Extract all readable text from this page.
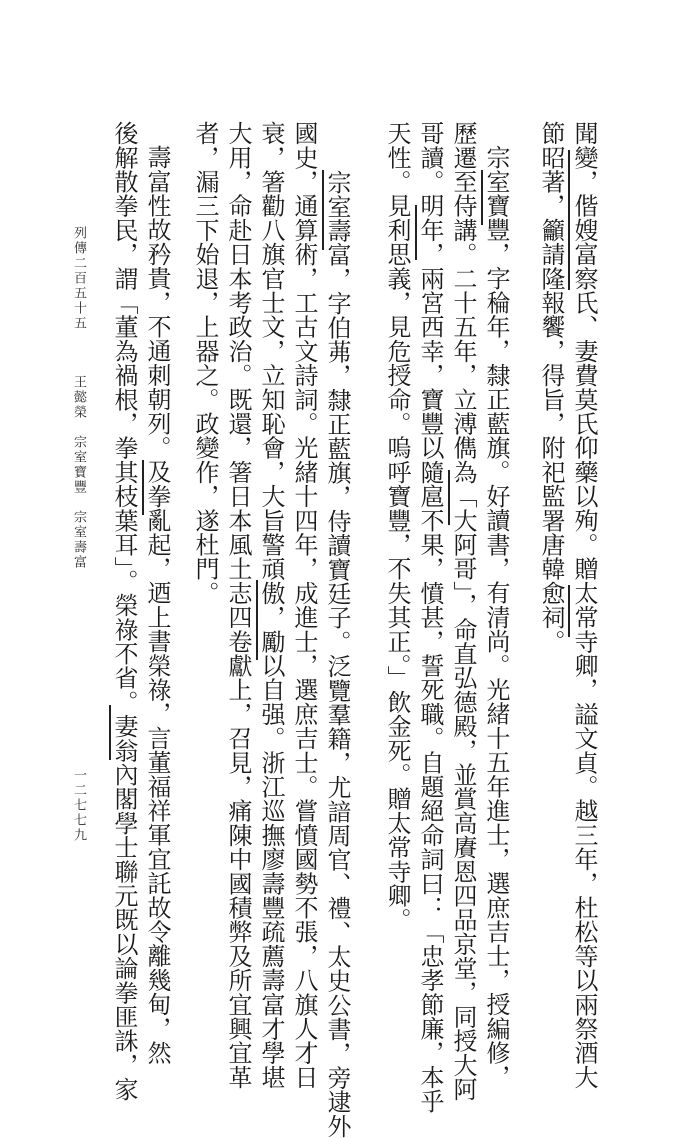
聞變，偕嫂富察氏、妻費莫氏仰藥以殉。贈太常寺卿，謚文貞。越三年，杜松等以兩祭酒大
節昭著，籲請隆報饗，得旨，附祀監署唐韓愈祠。
宗室寶豐，字稐年，隸正藍旗。好讀書，有清尚。光緒十五年進士，選庶吉士，授編修，
歷遷至侍講。二十五年，立溥儁為「大阿哥」，命直弘德殿，並賞高賡恩四品京堂，同授大阿
哥讀。明年，兩宮西幸，寶豐以隨扈不果，憤甚，誓死職。自題絕命詞曰：「忠孝節廉，本乎
天性。見利思義，見危授命。嗚呼寶豐，不失其正。」飲金死。贈太常寺卿。
宗室壽富，字伯茀，隸正藍旗，侍讀寶廷子。泛覽羣籍，尤諳周官、禮、太史公書，旁逮外
國史，通算術，工古文詩詞。光緒十四年，成進士，選庶吉士。嘗憤國勢不張，八旗人才日
衰，箸勸八旗官士文，立知恥會，大旨警頑傲，勵以自强。浙江巡撫廖壽豐疏薦壽富才學堪
大用，命赴日本考政治。既還，箸日本風土志四卷獻上，召見，痛陳中國積弊及所宜興宜革
者，漏三下始退，上器之。政變作，遂杜門。
壽富性故矜貴，不通刺朝列。及拳亂起，迺上書榮祿，言董福祥軍宜託故令離幾甸，然
後解散拳民，謂「董為禍根，拳其枝葉耳」。榮祿不省。妻翁內閣學士聯元既以論拳匪誅，家
列傳二百五十五
王懿榮　宗室寶豐　宗室壽富
一二七七九
